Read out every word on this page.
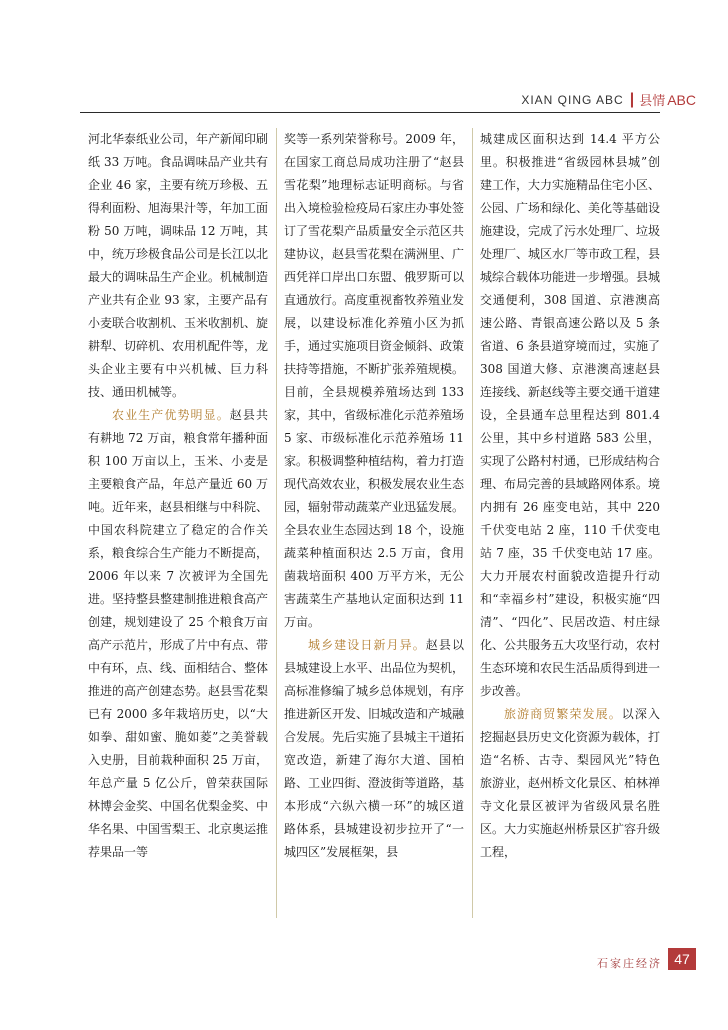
XIAN QING ABC | 县情 ABC

河北华泰纸业公司，年产新闻印刷纸 33 万吨。食品调味品产业共有企业 46 家，主要有统万珍极、五得利面粉、旭海果汁等，年加工面粉 50 万吨，调味品 12 万吨，其中，统万珍极食品公司是长江以北最大的调味品生产企业。机械制造产业共有企业 93 家，主要产品有小麦联合收割机、玉米收割机、旋耕犁、切碎机、农用机配件等，龙头企业主要有中兴机械、巨力科技、通田机械等。

农业生产优势明显。赵县共有耕地 72 万亩，粮食常年播种面积 100 万亩以上，玉米、小麦是主要粮食产品，年总产量近 60 万吨。近年来，赵县相继与中科院、中国农科院建立了稳定的合作关系，粮食综合生产能力不断提高，2006 年以来 7 次被评为全国先进。坚持整县整建制推进粮食高产创建，规划建设了 25 个粮食万亩高产示范片，形成了片中有点、带中有环，点、线、面相结合、整体推进的高产创建态势。赵县雪花梨已有 2000 多年栽培历史，以“大如拳、甜如蜜、脆如菱”之美誉载入史册，目前栽种面积 25 万亩，年总产量 5 亿公斤，曾荣获国际林博会金奖、中国名优梨金奖、中华名果、中国雪梨王、北京奥运推荐果品一等

奖等一系列荣誉称号。2009 年，在国家工商总局成功注册了“赵县雪花梨”地理标志证明商标。与省出入境检验检疫局石家庄办事处签订了雪花梨产品质量安全示范区共建协议，赵县雪花梨在满洲里、广西凭祥口岸出口东盟、俄罗斯可以直通放行。高度重视畜牧养殖业发展，以建设标准化养殖小区为抓手，通过实施项目资金倾斜、政策扶持等措施，不断扩张养殖规模。目前，全县规模养殖场达到 133 家，其中，省级标准化示范养殖场 5 家、市级标准化示范养殖场 11 家。积极调整种植结构，着力打造现代高效农业，积极发展农业生态园，辐射带动蔬菜产业迅猛发展。全县农业生态园达到 18 个，设施蔬菜种植面积达 2.5 万亩，食用菌栽培面积 400 万平方米，无公害蔬菜生产基地认定面积达到 11 万亩。

城乡建设日新月异。赵县以县城建设上水平、出品位为契机，高标准修编了城乡总体规划，有序推进新区开发、旧城改造和产城融合发展。先后实施了县城主干道拓宽改造，新建了海尔大道、国柏路、工业四街、澄波街等道路，基本形成“六纵六横一环”的城区道路体系，县城建设初步拉开了“一城四区”发展框架，县

城建成区面积达到 14.4 平方公里。积极推进“省级园林县城”创建工作，大力实施精品住宅小区、公园、广场和绿化、美化等基础设施建设，完成了污水处理厂、垃圾处理厂、城区水厂等市政工程，县城综合载体功能进一步增强。县城交通便利，308 国道、京港澳高速公路、青银高速公路以及 5 条省道、6 条县道穿境而过，实施了 308 国道大修、京港澳高速赵县连接线、新赵线等主要交通干道建设，全县通车总里程达到 801.4 公里，其中乡村道路 583 公里，实现了公路村村通，已形成结构合理、布局完善的县域路网体系。境内拥有 26 座变电站，其中 220 千伏变电站 2 座，110 千伏变电站 7 座，35 千伏变电站 17 座。大力开展农村面貌改造提升行动和“幸福乡村”建设，积极实施“四清”、“四化”、民居改造、村庄绿化、公共服务五大攻坚行动，农村生态环境和农民生活品质得到进一步改善。

旅游商贸繁荣发展。以深入挖掘赵县历史文化资源为载体，打造“名桥、古寺、梨园风光”特色旅游业，赵州桥文化景区、柏林禅寺文化景区被评为省级风景名胜区。大力实施赵州桥景区扩容升级工程，

石家庄经济 47
